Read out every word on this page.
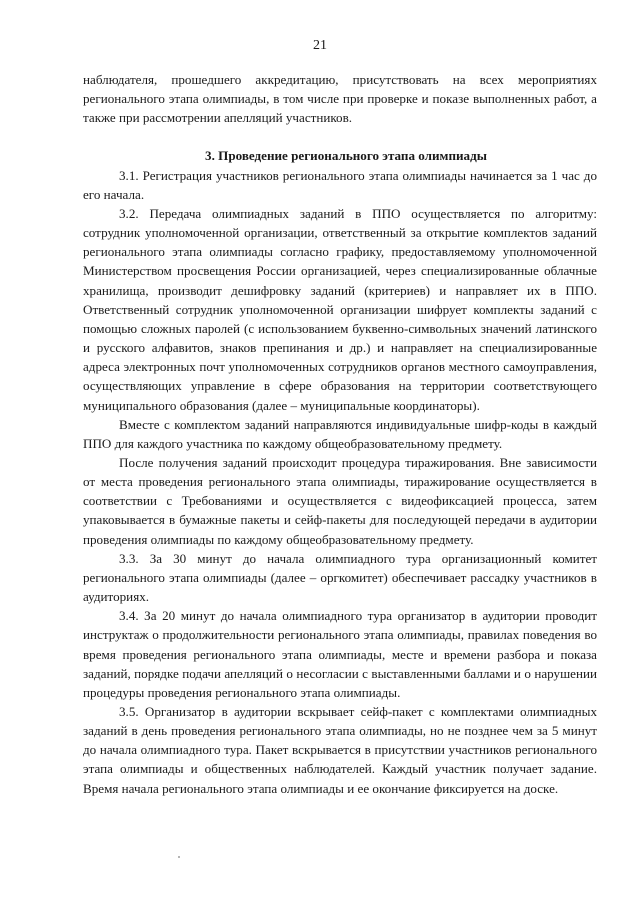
21

наблюдателя, прошедшего аккредитацию, присутствовать на всех мероприятиях регионального этапа олимпиады, в том числе при проверке и показе выполненных работ, а также при рассмотрении апелляций участников.

3. Проведение регионального этапа олимпиады

3.1. Регистрация участников регионального этапа олимпиады начинается за 1 час до его начала.

3.2. Передача олимпиадных заданий в ППО осуществляется по алгоритму: сотрудник уполномоченной организации, ответственный за открытие комплектов заданий регионального этапа олимпиады согласно графику, предоставляемому уполномоченной Министерством просвещения России организацией, через специализированные облачные хранилища, производит дешифровку заданий (критериев) и направляет их в ППО. Ответственный сотрудник уполномоченной организации шифрует комплекты заданий с помощью сложных паролей (с использованием буквенно-символьных значений латинского и русского алфавитов, знаков препинания и др.) и направляет на специализированные адреса электронных почт уполномоченных сотрудников органов местного самоуправления, осуществляющих управление в сфере образования на территории соответствующего муниципального образования (далее – муниципальные координаторы).

Вместе с комплектом заданий направляются индивидуальные шифр-коды в каждый ППО для каждого участника по каждому общеобразовательному предмету.

После получения заданий происходит процедура тиражирования. Вне зависимости от места проведения регионального этапа олимпиады, тиражирование осуществляется в соответствии с Требованиями и осуществляется с видеофиксацией процесса, затем упаковывается в бумажные пакеты и сейф-пакеты для последующей передачи в аудитории проведения олимпиады по каждому общеобразовательному предмету.

3.3. За 30 минут до начала олимпиадного тура организационный комитет регионального этапа олимпиады (далее – оргкомитет) обеспечивает рассадку участников в аудиториях.

3.4. За 20 минут до начала олимпиадного тура организатор в аудитории проводит инструктаж о продолжительности регионального этапа олимпиады, правилах поведения во время проведения регионального этапа олимпиады, месте и времени разбора и показа заданий, порядке подачи апелляций о несогласии с выставленными баллами и о нарушении процедуры проведения регионального этапа олимпиады.

3.5. Организатор в аудитории вскрывает сейф-пакет с комплектами олимпиадных заданий в день проведения регионального этапа олимпиады, но не позднее чем за 5 минут до начала олимпиадного тура. Пакет вскрывается в присутствии участников регионального этапа олимпиады и общественных наблюдателей. Каждый участник получает задание. Время начала регионального этапа олимпиады и ее окончание фиксируется на доске.
